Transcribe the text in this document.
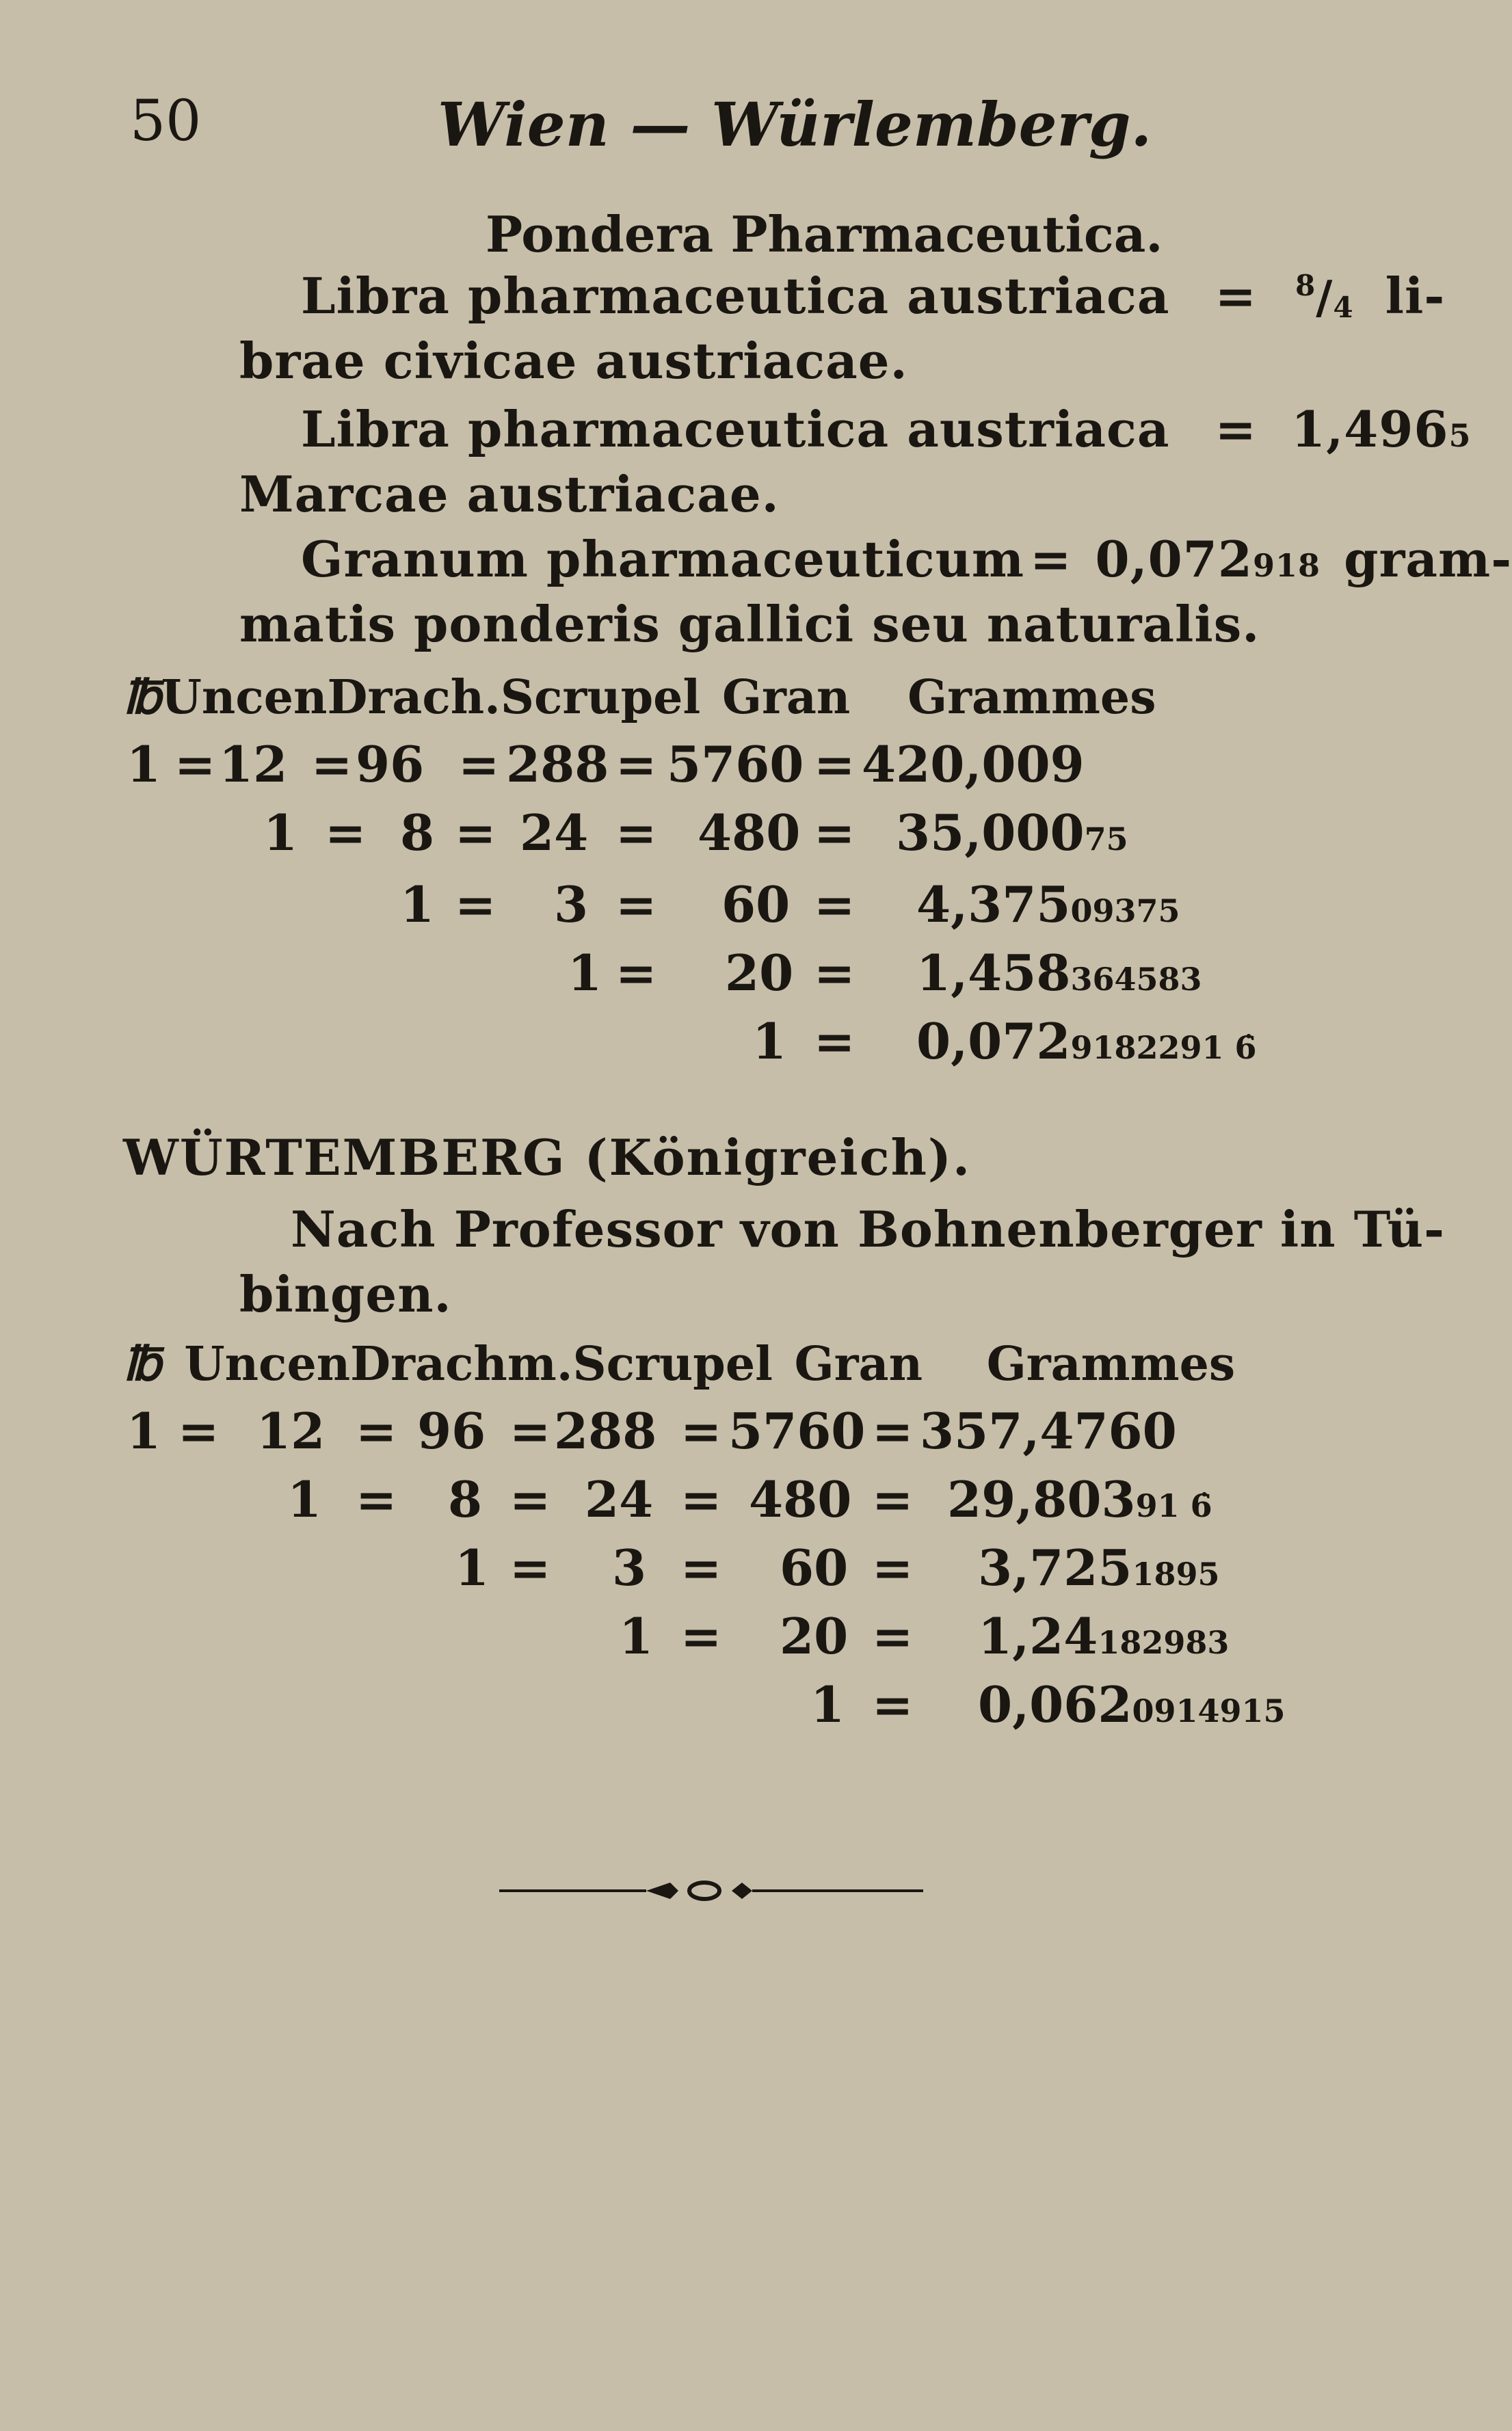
50	Wien — Würlemberg.
Pondera Pharmaceutica.
Libra pharmaceutica austriaca = $^8$/4 li-
brae civicae austriacae.
Libra pharmaceutica austriaca = 1,4965
Marcae austriacae.
Granum pharmaceuticum = 0,072918 gram-
matis ponderis gallici seu naturalis.
℔UncenDrach.Scrupel Gran Grammes
1 = 12 = 96 = 288 = 5760 = 420,009
1 = 8 = 24 = 480 = 35,00075
1 = 3 = 60 = 4,37509375
1 = 20 = 1,458364583
1 = 0,0729182291 6̇
WÜRTEMBERG (Königreich).
Nach Professor von Bohnenberger in Tü-
bingen.
℔ UncenDrachm.Scrupel Gran Grammes
1 = 12 = 96 = 288 = 5760 = 357,4760
1 = 8 = 24 = 480 = 29,80391 6̇
1 = 3 = 60 = 3,7251895
1 = 20 = 1,24182983
1 = 0,0620914915
